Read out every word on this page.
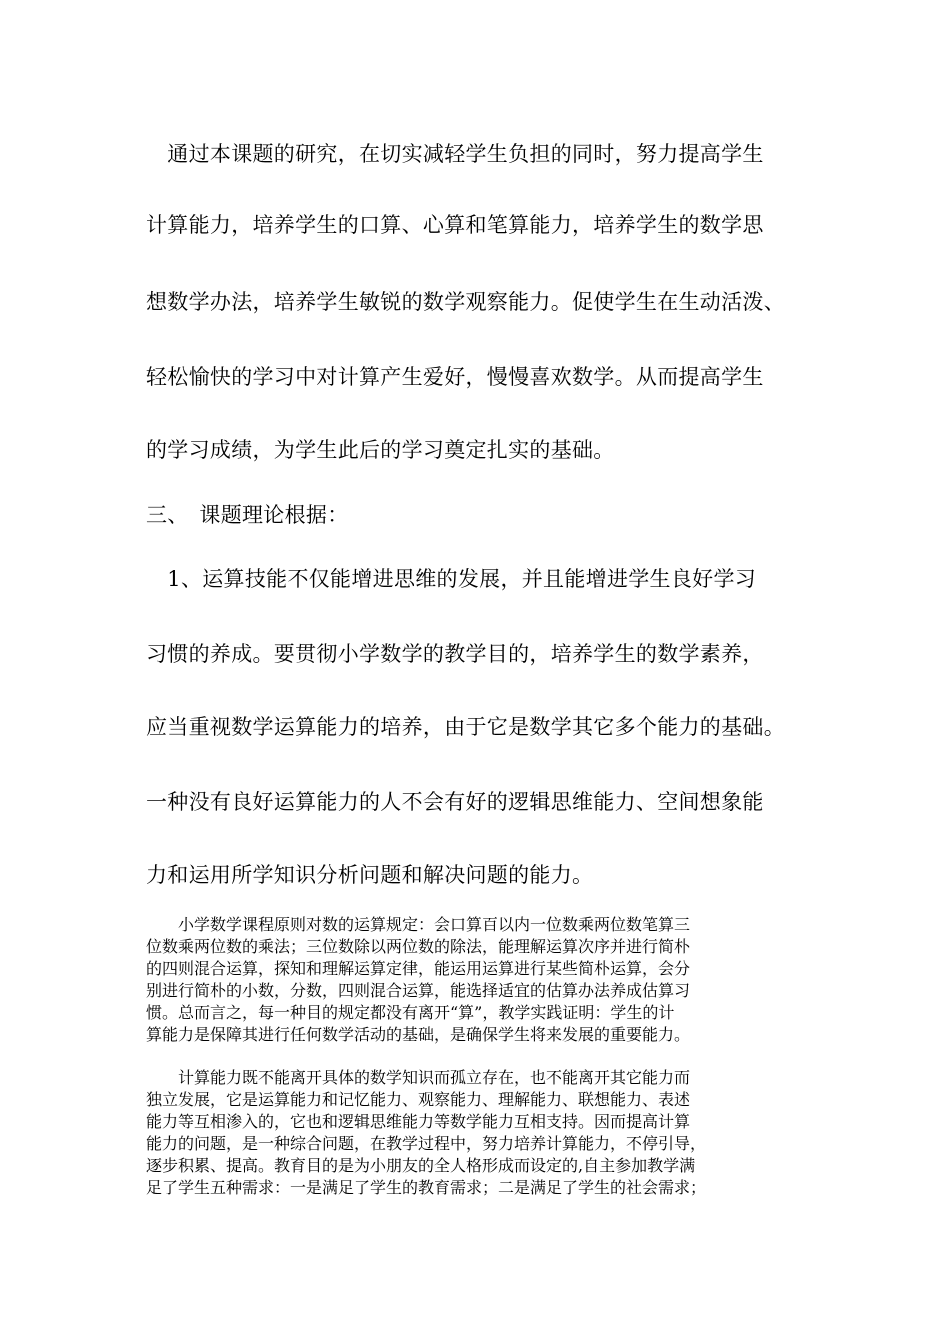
　通过本课题的研究，在切实减轻学生负担的同时，努力提高学生
计算能力，培养学生的口算、心算和笔算能力，培养学生的数学思
想数学办法，培养学生敏锐的数学观察能力。促使学生在生动活泼、
轻松愉快的学习中对计算产生爱好，慢慢喜欢数学。从而提高学生
的学习成绩，为学生此后的学习奠定扎实的基础。
三、　课题理论根据：
　1、运算技能不仅能增进思维的发展，并且能增进学生良好学习
习惯的养成。要贯彻小学数学的教学目的，培养学生的数学素养，
应当重视数学运算能力的培养，由于它是数学其它多个能力的基础。
一种没有良好运算能力的人不会有好的逻辑思维能力、空间想象能
力和运用所学知识分析问题和解决问题的能力。
　　小学数学课程原则对数的运算规定：会口算百以内一位数乘两位数笔算三
位数乘两位数的乘法；三位数除以两位数的除法，能理解运算次序并进行简朴
的四则混合运算，探知和理解运算定律，能运用运算进行某些简朴运算，会分
别进行简朴的小数，分数，四则混合运算，能选择适宜的估算办法养成估算习
惯。总而言之，每一种目的规定都没有离开“算”，教学实践证明：学生的计
算能力是保障其进行任何数学活动的基础，是确保学生将来发展的重要能力。
　　计算能力既不能离开具体的数学知识而孤立存在，也不能离开其它能力而
独立发展，它是运算能力和记忆能力、观察能力、理解能力、联想能力、表述
能力等互相渗入的，它也和逻辑思维能力等数学能力互相支持。因而提高计算
能力的问题，是一种综合问题，在教学过程中，努力培养计算能力，不停引导，
逐步积累、提高。教育目的是为小朋友的全人格形成而设定的,自主参加教学满
足了学生五种需求：一是满足了学生的教育需求；二是满足了学生的社会需求；
